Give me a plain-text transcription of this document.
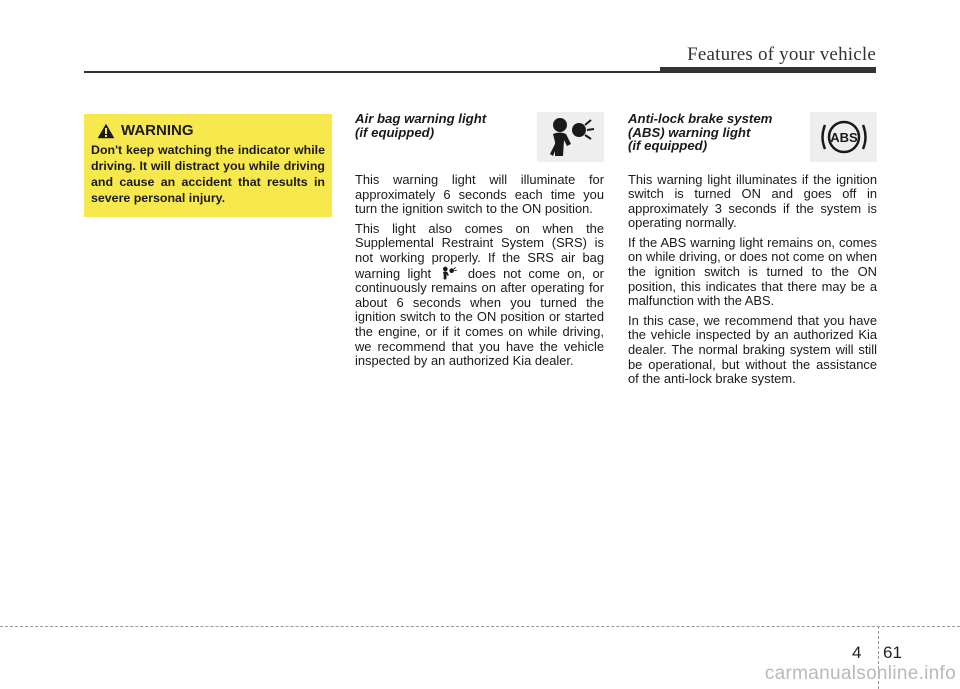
Features of your vehicle
WARNING
Don't keep watching the indicator while driving. It will distract you while driving and cause an accident that results in severe personal injury.
Air bag warning light
(if equipped)

This warning light will illuminate for approximately 6 seconds each time you turn the ignition switch to the ON position.

This light also comes on when the Supplemental Restraint System (SRS) is not working properly. If the SRS air bag warning light	does not come on, or continuously remains on after operating for about 6 seconds when you turned the ignition switch to the ON position or started the engine, or if it comes on while driving, we recommend that you have the vehicle inspected by an authorized Kia dealer.

Anti-lock brake system
(ABS) warning light
(if equipped)
ABS

This warning light illuminates if the ignition switch is turned ON and goes off in approximately 3 seconds if the system is operating normally.

If the ABS warning light remains on, comes on while driving, or does not come on when the ignition switch is turned to the ON position, this indicates that there may be a malfunction with the ABS.

In this case, we recommend that you have the vehicle inspected by an authorized Kia dealer. The normal braking system will still be operational, but without the assistance of the anti-lock brake system.

4 61
carmanualsonline.info
